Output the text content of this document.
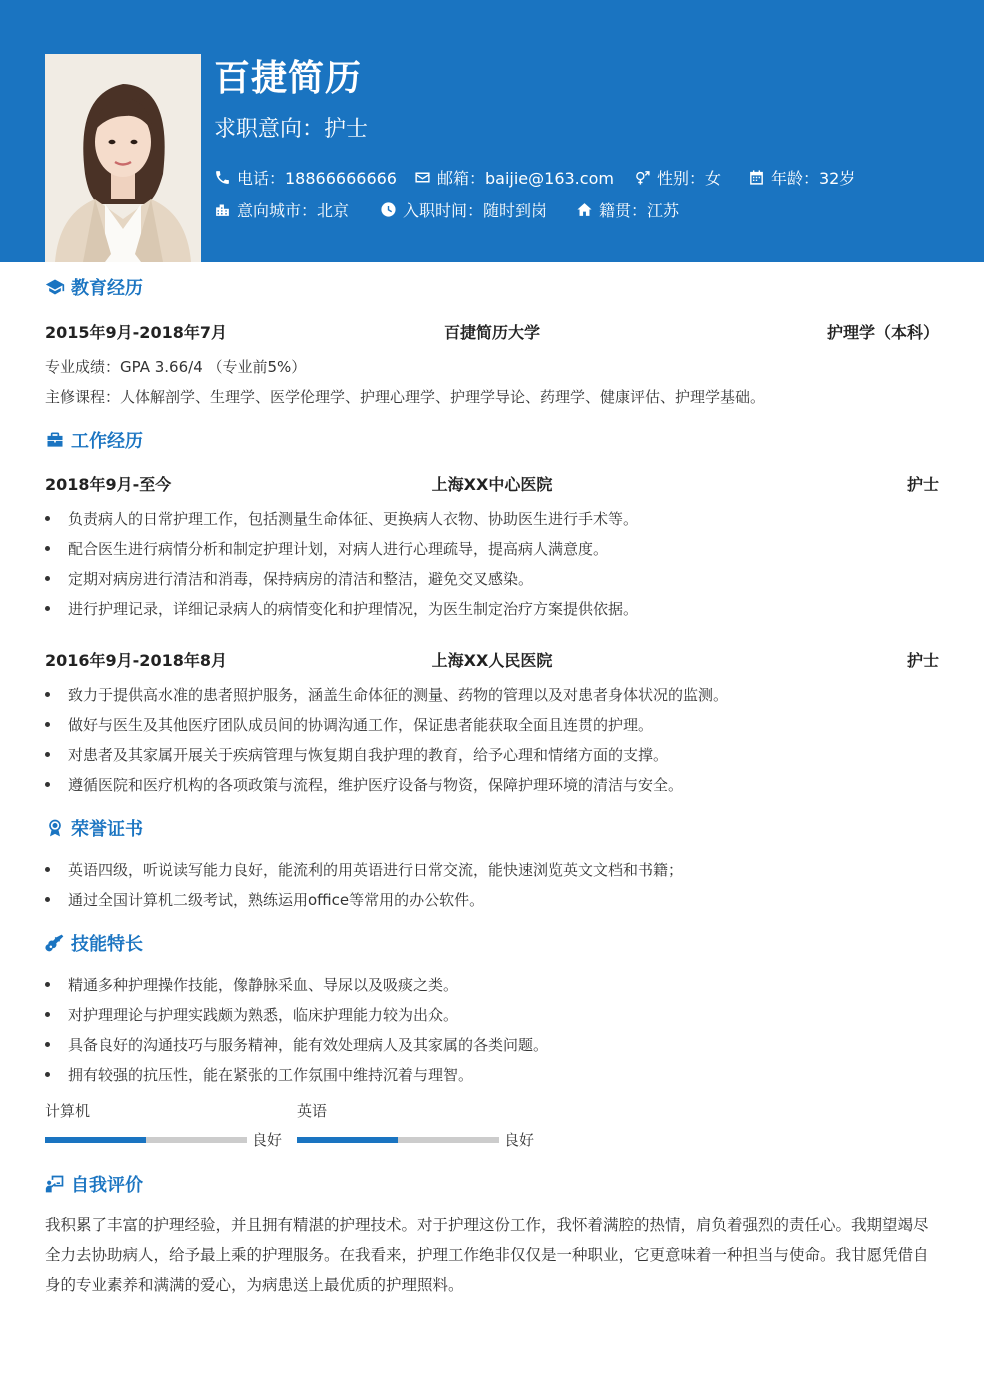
百捷简历
求职意向：护士
电话：18866666666	邮箱：baijie@163.com	性别：女	年龄：32岁
意向城市：北京	入职时间：随时到岗	籍贯：江苏
教育经历
2015年9月-2018年7月	百捷简历大学	护理学（本科）
专业成绩：GPA 3.66/4 （专业前5%）
主修课程：人体解剖学、生理学、医学伦理学、护理心理学、护理学导论、药理学、健康评估、护理学基础。
工作经历
2018年9月-至今	上海XX中心医院	护士
负责病人的日常护理工作，包括测量生命体征、更换病人衣物、协助医生进行手术等。
配合医生进行病情分析和制定护理计划，对病人进行心理疏导，提高病人满意度。
定期对病房进行清洁和消毒，保持病房的清洁和整洁，避免交叉感染。
进行护理记录，详细记录病人的病情变化和护理情况，为医生制定治疗方案提供依据。
2016年9月-2018年8月	上海XX人民医院	护士
致力于提供高水准的患者照护服务，涵盖生命体征的测量、药物的管理以及对患者身体状况的监测。
做好与医生及其他医疗团队成员间的协调沟通工作，保证患者能获取全面且连贯的护理。
对患者及其家属开展关于疾病管理与恢复期自我护理的教育，给予心理和情绪方面的支撑。
遵循医院和医疗机构的各项政策与流程，维护医疗设备与物资，保障护理环境的清洁与安全。
荣誉证书
英语四级，听说读写能力良好，能流利的用英语进行日常交流，能快速浏览英文文档和书籍；
通过全国计算机二级考试，熟练运用office等常用的办公软件。
技能特长
精通多种护理操作技能，像静脉采血、导尿以及吸痰之类。
对护理理论与护理实践颇为熟悉，临床护理能力较为出众。
具备良好的沟通技巧与服务精神，能有效处理病人及其家属的各类问题。
拥有较强的抗压性，能在紧张的工作氛围中维持沉着与理智。
计算机
良好
英语
良好
自我评价
我积累了丰富的护理经验，并且拥有精湛的护理技术。对于护理这份工作，我怀着满腔的热情，肩负着强烈的责任心。我期望竭尽全力去协助病人，给予最上乘的护理服务。在我看来，护理工作绝非仅仅是一种职业，它更意味着一种担当与使命。我甘愿凭借自身的专业素养和满满的爱心，为病患送上最优质的护理照料。
